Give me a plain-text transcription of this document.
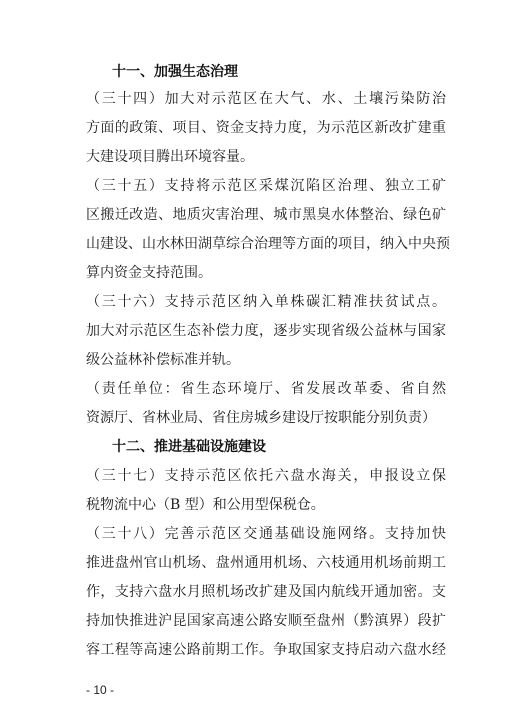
十一、加强生态治理
（三十四）加大对示范区在大气、水、土壤污染防治
方面的政策、项目、资金支持力度，为示范区新改扩建重
大建设项目腾出环境容量。
（三十五）支持将示范区采煤沉陷区治理、独立工矿
区搬迁改造、地质灾害治理、城市黑臭水体整治、绿色矿
山建设、山水林田湖草综合治理等方面的项目，纳入中央预
算内资金支持范围。
（三十六）支持示范区纳入单株碳汇精准扶贫试点。
加大对示范区生态补偿力度，逐步实现省级公益林与国家
级公益林补偿标准并轨。
（责任单位：省生态环境厅、省发展改革委、省自然
资源厅、省林业局、省住房城乡建设厅按职能分别负责）
十二、推进基础设施建设
（三十七）支持示范区依托六盘水海关，申报设立保
税物流中心（B 型）和公用型保税仓。
（三十八）完善示范区交通基础设施网络。支持加快
推进盘州官山机场、盘州通用机场、六枝通用机场前期工
作，支持六盘水月照机场改扩建及国内航线开通加密。支
持加快推进沪昆国家高速公路安顺至盘州（黔滇界）段扩
容工程等高速公路前期工作。争取国家支持启动六盘水经
- 10 -
